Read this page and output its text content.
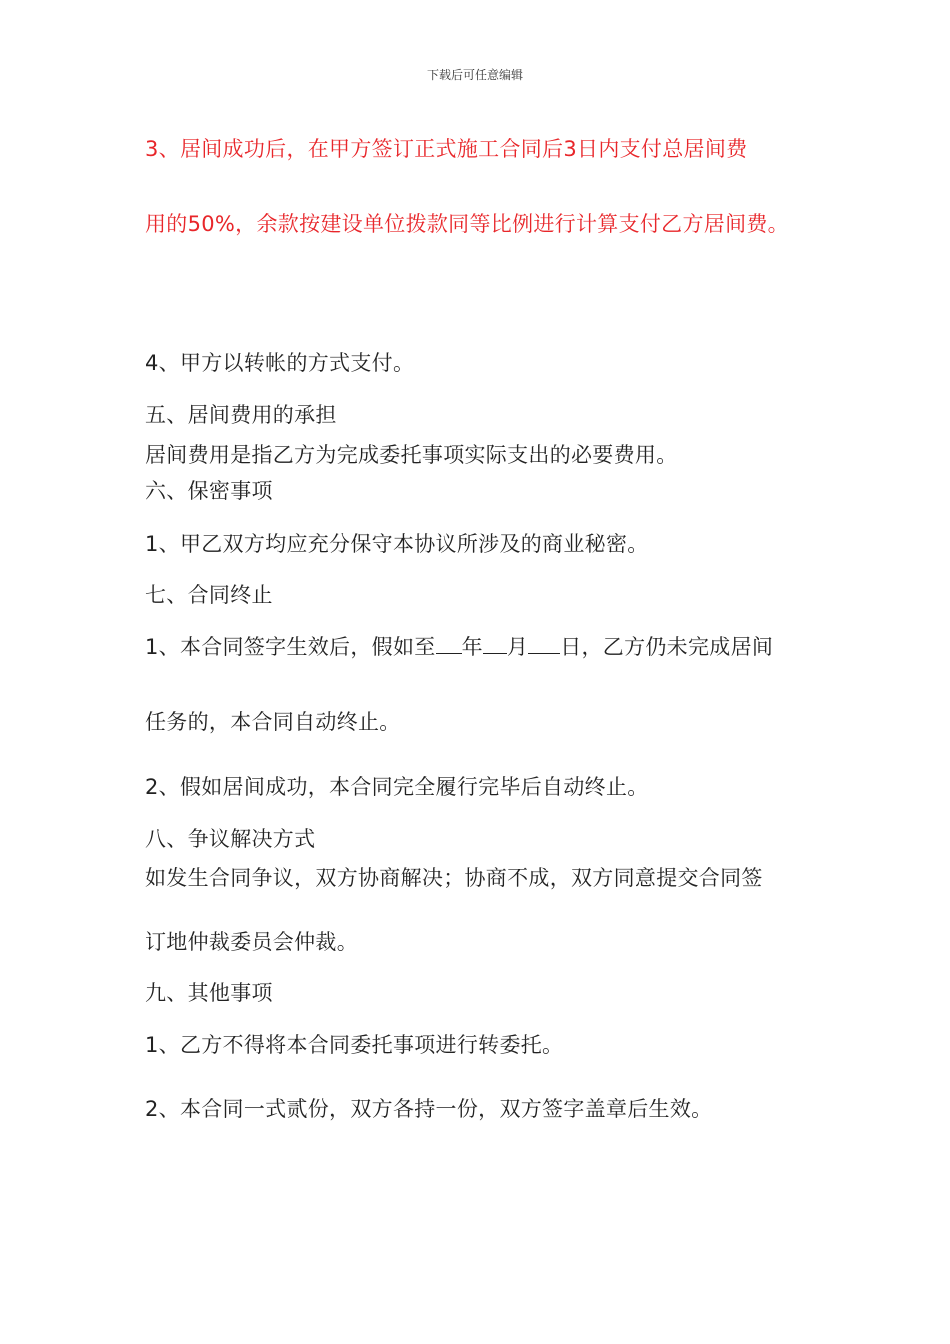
下载后可任意编辑
3、居间成功后，在甲方签订正式施工合同后3日内支付总居间费
用的50%，余款按建设单位拨款同等比例进行计算支付乙方居间费。
4、甲方以转帐的方式支付。
五、居间费用的承担
居间费用是指乙方为完成委托事项实际支出的必要费用。
六、保密事项
1、甲乙双方均应充分保守本协议所涉及的商业秘密。
七、合同终止
1、本合同签字生效后，假如至 年 月 日，乙方仍未完成居间
任务的，本合同自动终止。
2、假如居间成功，本合同完全履行完毕后自动终止。
八、争议解决方式
如发生合同争议，双方协商解决；协商不成，双方同意提交合同签
订地仲裁委员会仲裁。
九、其他事项
1、乙方不得将本合同委托事项进行转委托。
2、本合同一式贰份，双方各持一份，双方签字盖章后生效。
